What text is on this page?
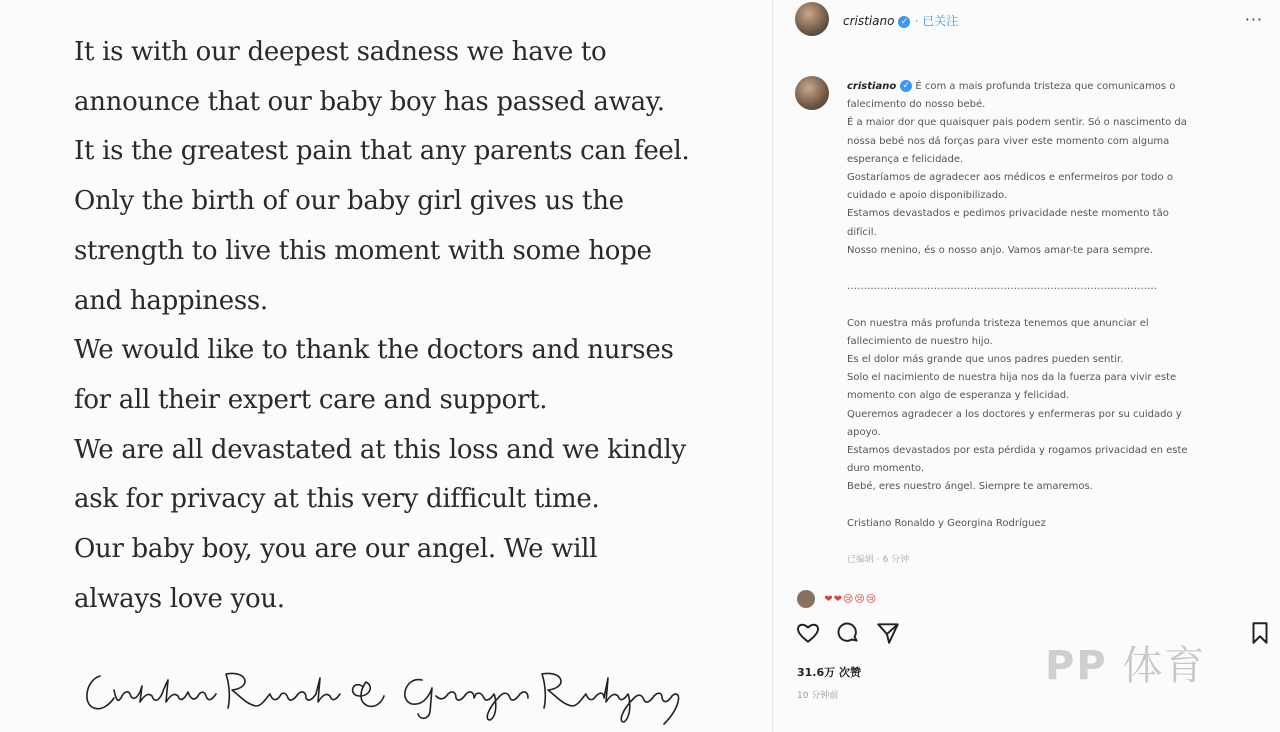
It is with our deepest sadness we have to
announce that our baby boy has passed away.
It is the greatest pain that any parents can feel.
Only the birth of our baby girl gives us the
strength to live this moment with some hope
and happiness.
We would like to thank the doctors and nurses
for all their expert care and support.
We are all devastated at this loss and we kindly
ask for privacy at this very difficult time.
Our baby boy, you are our angel. We will
always love you.
cristiano ✓ · 已关注	···
cristiano ✓ É com a mais profunda tristeza que comunicamos o
falecimento do nosso bebé.
É a maior dor que quaisquer pais podem sentir. Só o nascimento da
nossa bebé nos dá forças para viver este momento com alguma
esperança e felicidade.
Gostaríamos de agradecer aos médicos e enfermeiros por todo o
cuidado e apoio disponibilizado.
Estamos devastados e pedimos privacidade neste momento tão
difícil.
Nosso menino, és o nosso anjo. Vamos amar-te para sempre.

…………………………………………………………………………………

Con nuestra más profunda tristeza tenemos que anunciar el
fallecimiento de nuestro hijo.
Es el dolor más grande que unos padres pueden sentir.
Solo el nacimiento de nuestra hija nos da la fuerza para vivir este
momento con algo de esperanza y felicidad.
Queremos agradecer a los doctores y enfermeras por su cuidado y
apoyo.
Estamos devastados por esta pérdida y rogamos privacidad en este
duro momento.
Bebé, eres nuestro ángel. Siempre te amaremos.

Cristiano Ronaldo y Georgina Rodríguez

已编辑 · 6 分钟
❤❤😢😢😢
31.6万 次赞
10 分钟前
PP 体育
